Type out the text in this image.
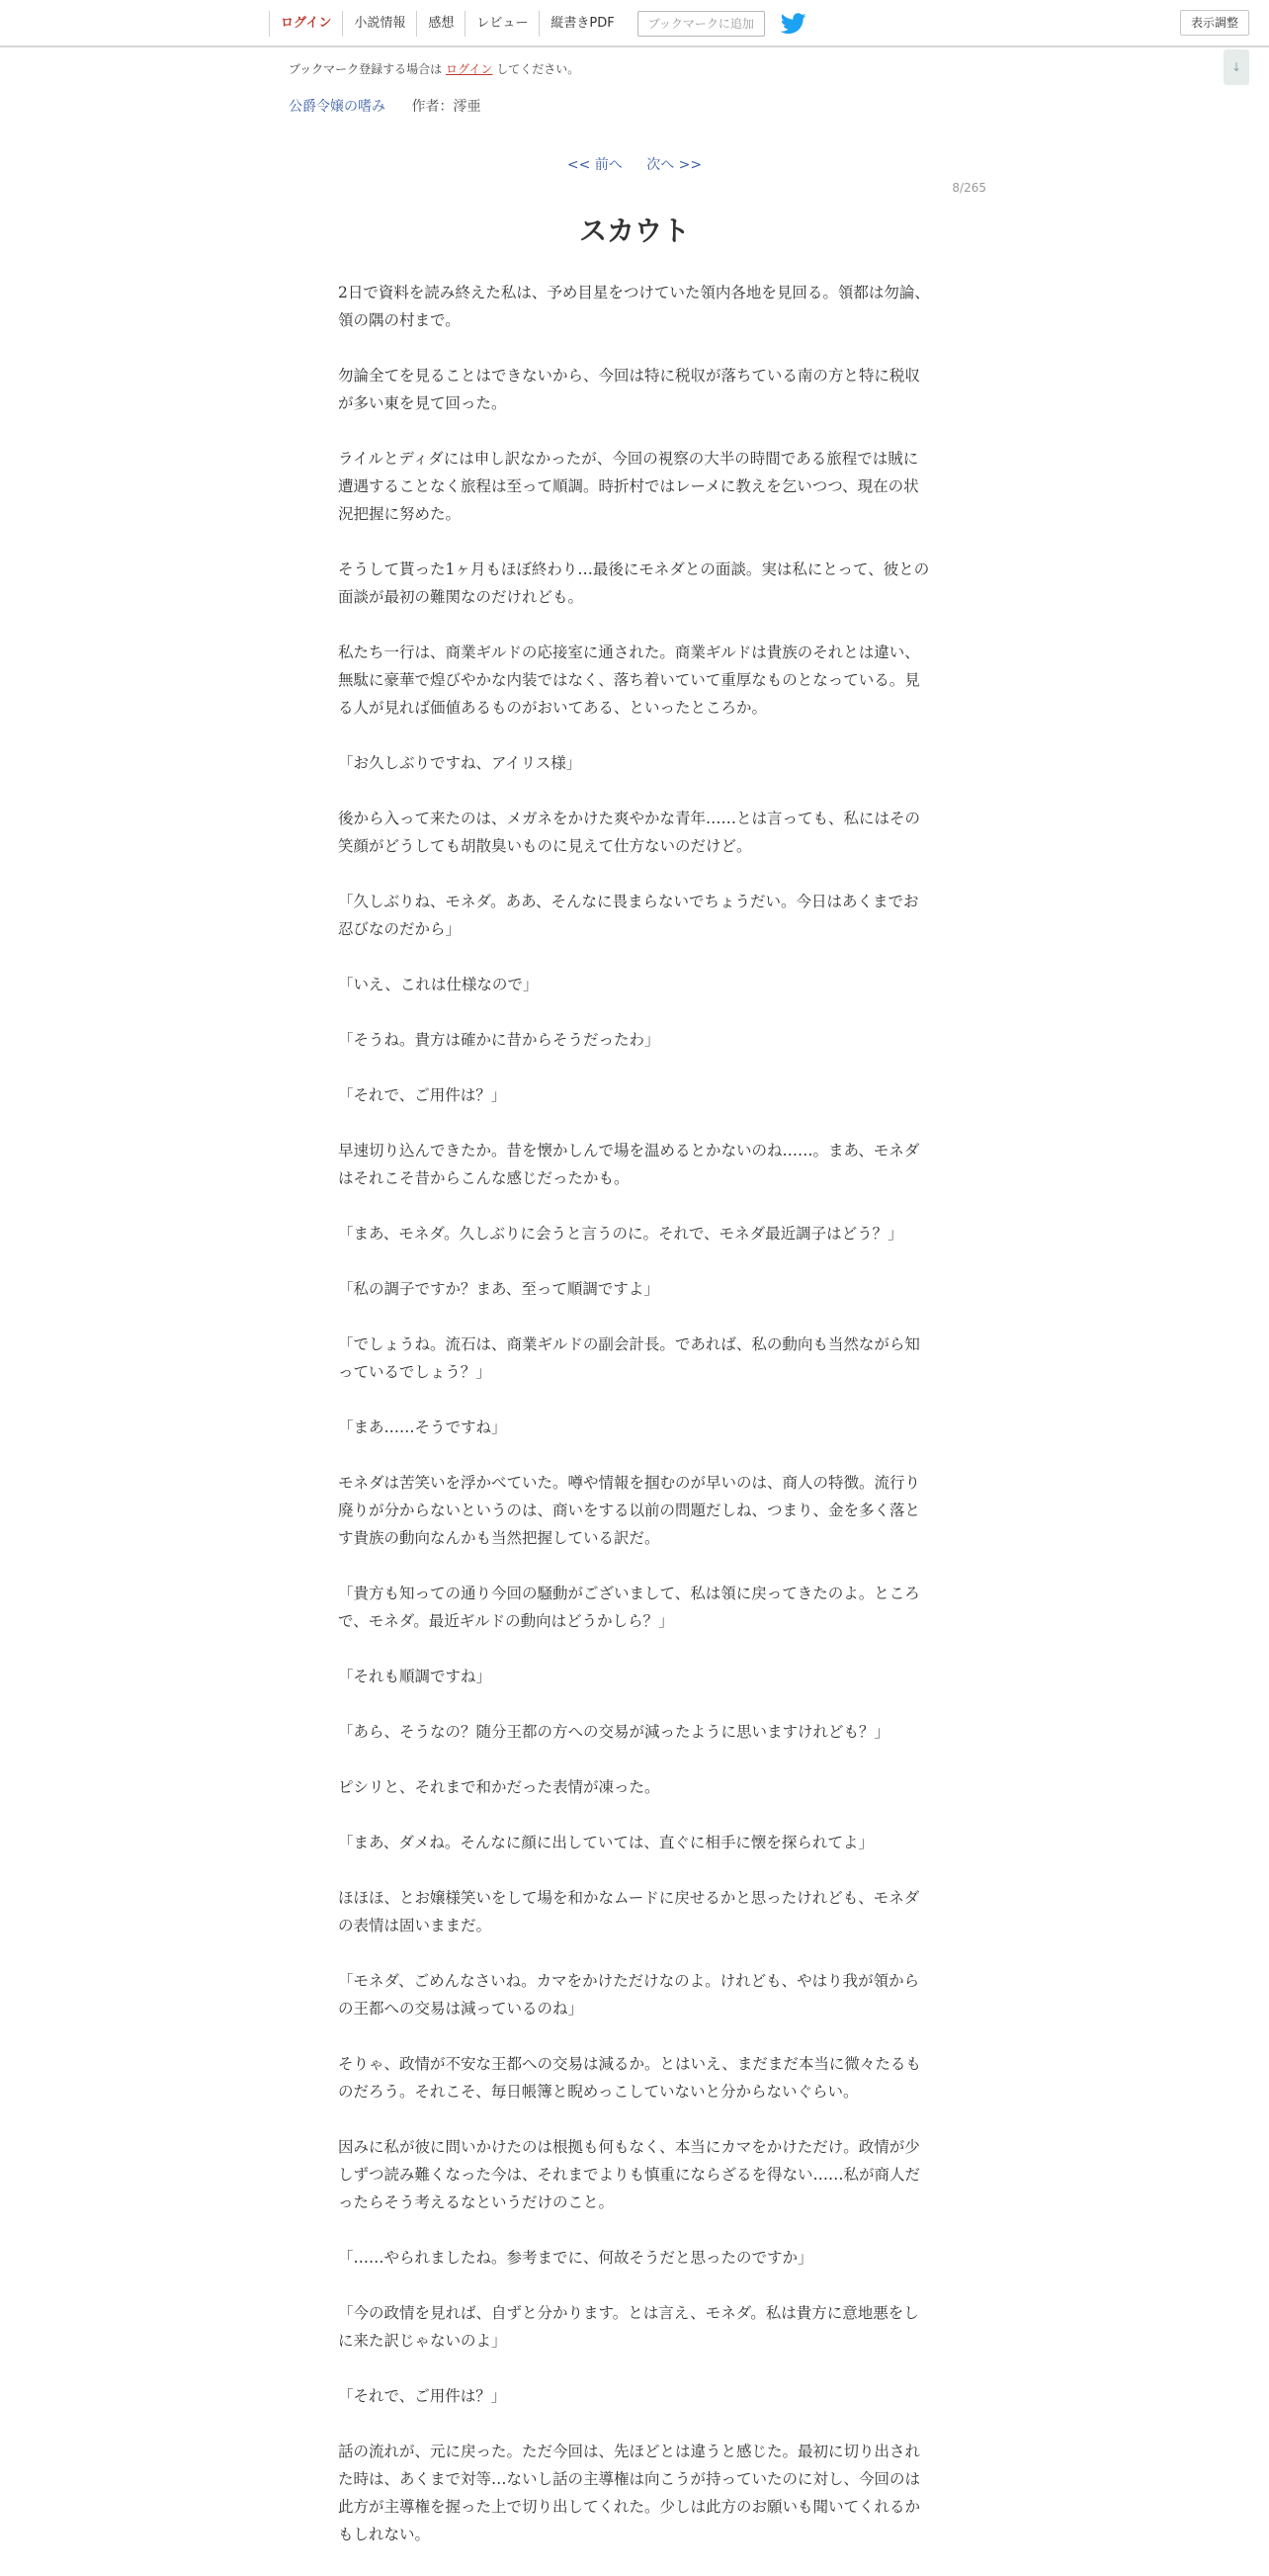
ログイン	小説情報	感想	レビュー	縦書きPDF	ブックマークに追加	表示調整
↓
ブックマーク登録する場合は ログイン してください。
公爵令嬢の嗜み 作者：澪亜
<< 前へ 次へ >>
8/265
スカウト

2日で資料を読み終えた私は、予め目星をつけていた領内各地を見回る。領都は勿論、領の隅の村まで。

勿論全てを見ることはできないから、今回は特に税収が落ちている南の方と特に税収が多い東を見て回った。

ライルとディダには申し訳なかったが、今回の視察の大半の時間である旅程では賊に遭遇することなく旅程は至って順調。時折村ではレーメに教えを乞いつつ、現在の状況把握に努めた。

そうして貰った1ヶ月もほぼ終わり…最後にモネダとの面談。実は私にとって、彼との面談が最初の難関なのだけれども。

私たち一行は、商業ギルドの応接室に通された。商業ギルドは貴族のそれとは違い、無駄に豪華で煌びやかな内装ではなく、落ち着いていて重厚なものとなっている。見る人が見れば価値あるものがおいてある、といったところか。

「お久しぶりですね、アイリス様」

後から入って来たのは、メガネをかけた爽やかな青年……とは言っても、私にはその笑顔がどうしても胡散臭いものに見えて仕方ないのだけど。

「久しぶりね、モネダ。ああ、そんなに畏まらないでちょうだい。今日はあくまでお忍びなのだから」

「いえ、これは仕様なので」

「そうね。貴方は確かに昔からそうだったわ」

「それで、ご用件は？」

早速切り込んできたか。昔を懐かしんで場を温めるとかないのね……。まあ、モネダはそれこそ昔からこんな感じだったかも。

「まあ、モネダ。久しぶりに会うと言うのに。それで、モネダ最近調子はどう？」

「私の調子ですか？まあ、至って順調ですよ」

「でしょうね。流石は、商業ギルドの副会計長。であれば、私の動向も当然ながら知っているでしょう？」

「まあ……そうですね」

モネダは苦笑いを浮かべていた。噂や情報を掴むのが早いのは、商人の特徴。流行り廃りが分からないというのは、商いをする以前の問題だしね、つまり、金を多く落とす貴族の動向なんかも当然把握している訳だ。

「貴方も知っての通り今回の騒動がございまして、私は領に戻ってきたのよ。ところで、モネダ。最近ギルドの動向はどうかしら？」

「それも順調ですね」

「あら、そうなの？随分王都の方への交易が減ったように思いますけれども？」

ピシリと、それまで和かだった表情が凍った。

「まあ、ダメね。そんなに顔に出していては、直ぐに相手に懐を探られてよ」

ほほほ、とお嬢様笑いをして場を和かなムードに戻せるかと思ったけれども、モネダの表情は固いままだ。

「モネダ、ごめんなさいね。カマをかけただけなのよ。けれども、やはり我が領からの王都への交易は減っているのね」

そりゃ、政情が不安な王都への交易は減るか。とはいえ、まだまだ本当に微々たるものだろう。それこそ、毎日帳簿と睨めっこしていないと分からないぐらい。

因みに私が彼に問いかけたのは根拠も何もなく、本当にカマをかけただけ。政情が少しずつ読み難くなった今は、それまでよりも慎重にならざるを得ない……私が商人だったらそう考えるなというだけのこと。

「……やられましたね。参考までに、何故そうだと思ったのですか」

「今の政情を見れば、自ずと分かります。とは言え、モネダ。私は貴方に意地悪をしに来た訳じゃないのよ」

「それで、ご用件は？」

話の流れが、元に戻った。ただ今回は、先ほどとは違うと感じた。最初に切り出された時は、あくまで対等…ないし話の主導権は向こうが持っていたのに対し、今回のは此方が主導権を握った上で切り出してくれた。少しは此方のお願いも聞いてくれるかもしれない。
